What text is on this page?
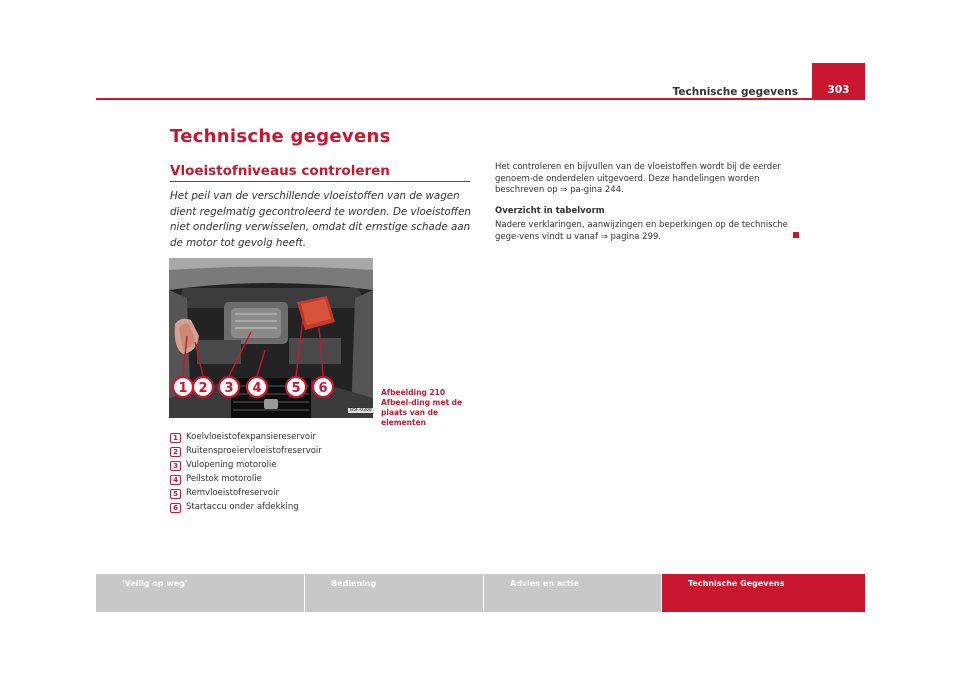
Technische gegevens	303
Technische gegevens
Vloeistofniveaus controleren
Het peil van de verschillende vloeistoffen van de wagen dient regelmatig gecontroleerd te worden. De vloeistoffen niet onderling verwisselen, omdat dit ernstige schade aan de motor tot gevolg heeft.
1 2 3 4 5 6
B5F-0300
Afbeelding 210 Afbeel-ding met de plaats van de elementen
1 Koelvloeistofexpansiereservoir
2 Ruitensproeiervloeistofreservoir
3 Vulopening motorolie
4 Peilstok motorolie
5 Remvloeistofreservoir
6 Startaccu onder afdekking
Het controleren en bijvullen van de vloeistoffen wordt bij de eerder genoem-de onderdelen uitgevoerd. Deze handelingen worden beschreven op ⇒ pa-gina 244.
Overzicht in tabelvorm
Nadere verklaringen, aanwijzingen en beperkingen op de technische gege-vens vindt u vanaf ⇒ pagina 299.
'Veilig op weg'	Bediening	Advies en actie	Technische Gegevens
